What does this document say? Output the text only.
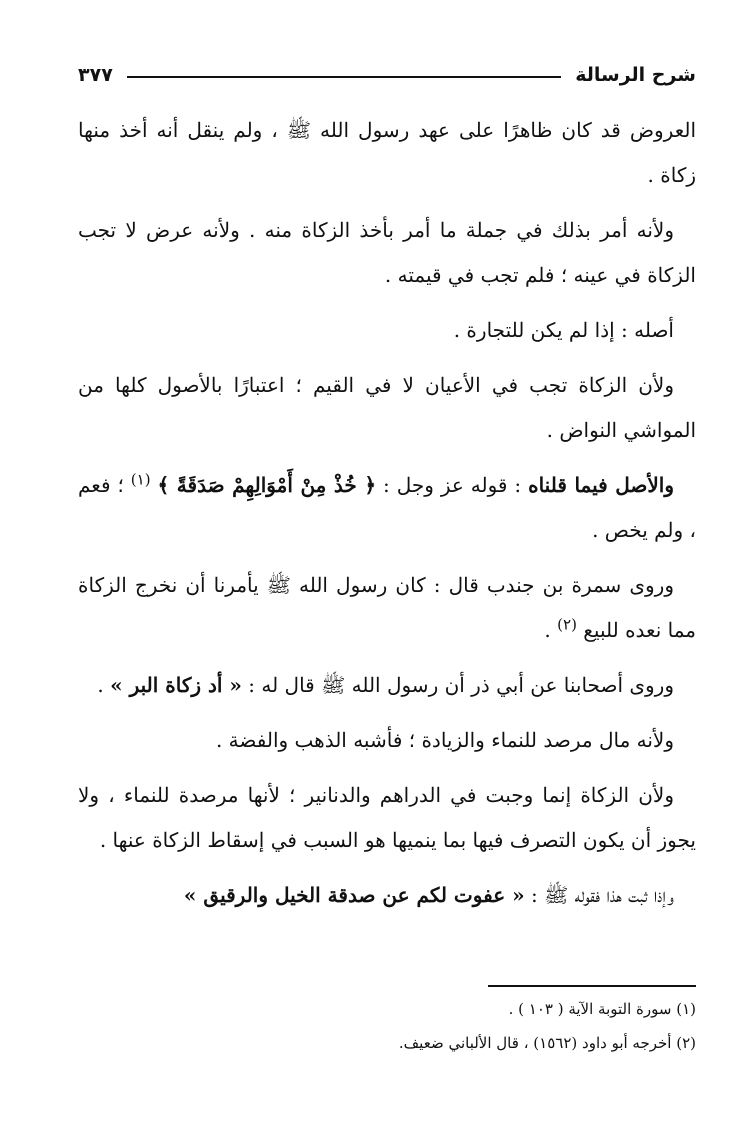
شرح الرسالة
٣٧٧

العروض قد كان ظاهرًا على عهد رسول الله ﷺ ، ولم ينقل أنه أخذ منها زكاة .

ولأنه أمر بذلك في جملة ما أمر بأخذ الزكاة منه . ولأنه عرض لا تجب الزكاة في عينه ؛ فلم تجب في قيمته .

أصله : إذا لم يكن للتجارة .

ولأن الزكاة تجب في الأعيان لا في القيم ؛ اعتبارًا بالأصول كلها من المواشي النواض .

والأصل فيما قلناه : قوله عز وجل : ﴿ خُذْ مِنْ أَمْوَالِهِمْ صَدَقَةً ﴾ $^{(١)}$ ؛ فعم ، ولم يخص .

وروى سمرة بن جندب قال : كان رسول الله ﷺ يأمرنا أن نخرج الزكاة مما نعده للبيع $^{(٢)}$ .

وروى أصحابنا عن أبي ذر أن رسول الله ﷺ قال له : « أد زكاة البر » .

ولأنه مال مرصد للنماء والزيادة ؛ فأشبه الذهب والفضة .

ولأن الزكاة إنما وجبت في الدراهم والدنانير ؛ لأنها مرصدة للنماء ، ولا يجوز أن يكون التصرف فيها بما ينميها هو السبب في إسقاط الزكاة عنها .

وإذا ثبت هذا فقوله ﷺ : « عفوت لكم عن صدقة الخيل والرقيق »

(١) سورة التوبة الآية ( ١٠٣ ) .
(٢) أخرجه أبو داود (١٥٦٢) ، قال الألباني ضعيف.
